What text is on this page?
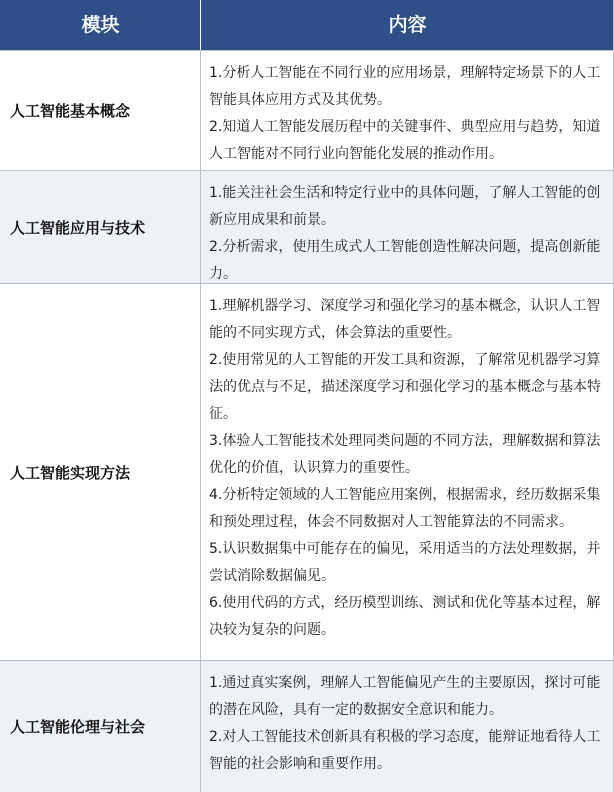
模块	内容
人工智能基本概念

1.分析人工智能在不同行业的应用场景，理解特定场景下的人工智能具体应用方式及其优势。

2.知道人工智能发展历程中的关键事件、典型应用与趋势，知道人工智能对不同行业向智能化发展的推动作用。

人工智能应用与技术

1.能关注社会生活和特定行业中的具体问题，了解人工智能的创新应用成果和前景。

2.分析需求，使用生成式人工智能创造性解决问题，提高创新能力。

人工智能实现方法

1.理解机器学习、深度学习和强化学习的基本概念，认识人工智能的不同实现方式，体会算法的重要性。

2.使用常见的人工智能的开发工具和资源，了解常见机器学习算法的优点与不足，描述深度学习和强化学习的基本概念与基本特征。

3.体验人工智能技术处理同类问题的不同方法，理解数据和算法优化的价值，认识算力的重要性。

4.分析特定领域的人工智能应用案例，根据需求，经历数据采集和预处理过程，体会不同数据对人工智能算法的不同需求。

5.认识数据集中可能存在的偏见，采用适当的方法处理数据，并尝试消除数据偏见。

6.使用代码的方式，经历模型训练、测试和优化等基本过程，解决较为复杂的问题。

人工智能伦理与社会

1.通过真实案例，理解人工智能偏见产生的主要原因，探讨可能的潜在风险，具有一定的数据安全意识和能力。

2.对人工智能技术创新具有积极的学习态度，能辩证地看待人工智能的社会影响和重要作用。
